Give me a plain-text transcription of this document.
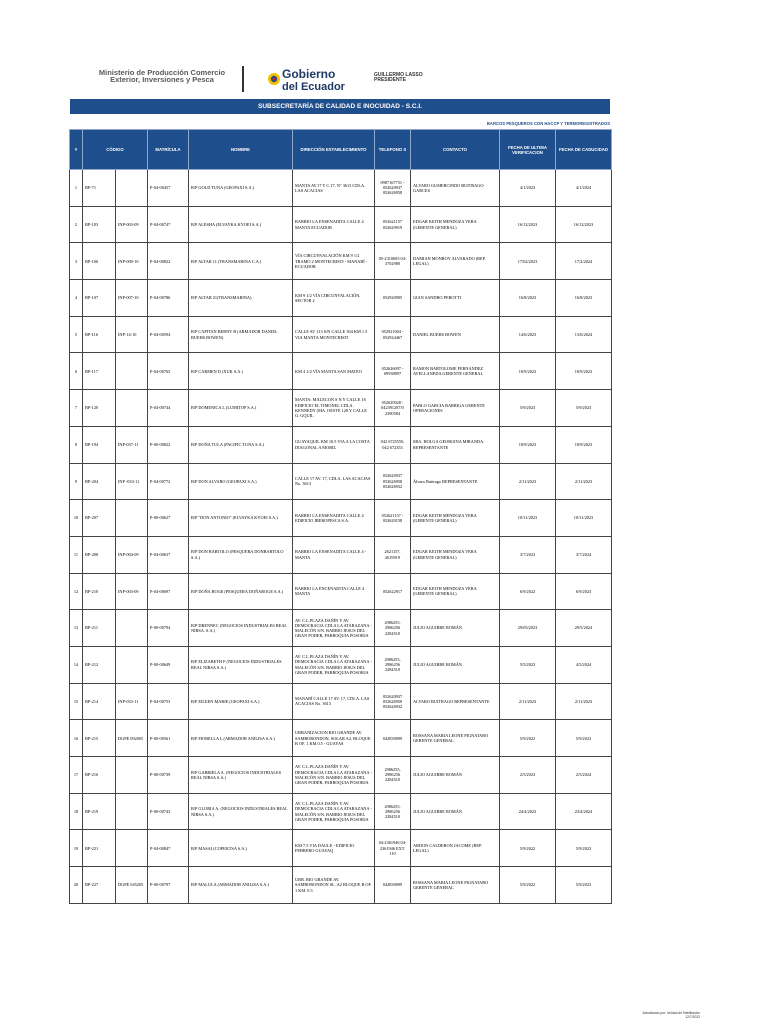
Ministerio de Producción Comercio Exterior, Inversiones y Pesca	Gobierno
del Ecuador
GUILLERMO LASSO PRESIDENTE
SUBSECRETARÍA DE CALIDAD E INOCUIDAD - S.C.I.
BARCOS PESQUEROS CON HACCP Y TERMOREGISTRADOS
#	CÓDIGO		MATRÍCULA	NOMBRE	DIRECCIÓN ESTABLECIMIENTO	TELEFONO S	CONTACTO	FECHA DE ULTIMA VERIFICACION	FECHA DE CADUCIDAD
1	BP-71		P-04-00457	B/P GOLD TUNA (GEOPAXI S.A.)	MANTA AV.17 Y C.17, N° 3613 CDLA. LAS ACACIAS	0987167751 - 052620937 052626958	ALVARO GUMERCINDO BUITRAGO GARCES	4/1/2023	4/1/2024
2	BP-103	INP-003-09	P-04-00747	B/P ALESHA (ELVAYKA KYOEI S.A.)	BARRIO LA ENSENADITA CALLE 4 MANTA ECUADOR	052621157 052629919	EDGAR KEITH MENDOZA VERA (GERENTE GENERAL)	16/12/2023	16/12/2023
3	BP-106	INP-009-10	P-04-00822	B/P ALTAR 11 (TRANSMARINA C.A.)	VÍA CIRCUNVALACIÓN KM 9 1/2 TRAMO 2 MONTECRISTI - MANABÍ - ECUADOR	05-2310605 04-3702980	DAMIAN MONROY ALVARADO (REP. LEGAL)	17/02/2023	17/2/2024
4	BP-107	INP-007-10	P-04-00786	B/P ALTAR 21(TRANSMARINA)	KM 9 1/2 VÍA CIRCUNVALACIÓN, SECTOR 2	052920905	GIAN SANDRO PEROTTI	16/8/2023	16/8/2023
5	BP-116	INP-14-10	P-04-00594	B/P CAPITAN BERNY B (ARMADOR DANIEL BUEHS BOWEN)	CALLE AV 113 S/N CALLE 304 KM 1.5 VIA MANTA MONTECRISTI	052921004 - 052924467	DANIEL BUEHS BOWEN	14/6/2023	13/6/2024
6	BP-117		P-04-00765	B/P CARMEN D (XUK S.A.)	KM 4 1/2 VÍA MANTA SAN MATEO	052626097 - 09938897	RAMON BARTOLOME FERNANDEZ AVELLANEDA GERENTE GENERAL	18/9/2023	18/9/2023
7	BP-120		P-04-00744	B/P DOMENICA L (LUMITOP S.A.)	MANTA: MALECON S N Y CALLE 16 EDIFICIO EL TIMONEL CDLA. KENNEDY (MA. OESTE 128 Y CALLE G. GQUIL	052620928 - 042391287/0 2390584	PABLO GARCIA BARRIGA GERENTE OPERACIONES	5/9/2023	5/9/2023
8	BP-194	INP-037-11	P-00-00822	B/P DOÑA TULA (PACIFIC TUNA S.A.)	GUAYAQUIL KM 16.5 VIA A LA COSTA DIAGONAL A MOBIL	042 6725550, 042 672353	SRA. HOLGA GEORGINA MIRANDA. REPRESENTANTE	18/9/2023	18/9/2023
9	BP-204	INP -033-11	P-04-00772	B/P DON ALVARO (GEOPAXI S.A.)	CALLE 17 AV. 17, CDLA. LAS ACACIAS No. 3613	052620937 052626958 052626932	Álvaro Buitrago REPRESENTANTE	2/11/2023	2/11/2023
10	BP-207		P-00-00627	B/P "DON ANTONIO" (ELVAYKA KYOEI S.A.)	BARRIO LA ENSENADITA CALLE 4 EDIFICIO IBEROPESCA S.A.	052621157 - 052629158	EDGAR KEITH MENDOZA VERA (GERENTE GENERAL)	10/11/2023	10/11/2023
11	BP-208	INP-004-09	P-04-00637	B/P DON BARTOLO (PESQUERA DONBARTOLO S.A.)	BARRIO LA ENSENADITA CALLE 4 - MANTA	2621157, 2619919	EDGAR KEITH MENDOZA VERA (GERENTE GENERAL)	3/7/2023	3/7/2024
12	BP-210	INP-003-09	P-04-00697	B/P DOÑA ROGE (PESQUERA DOÑAROGE S.A.)	BARRIO LA ENCENADITA CALLE 4 MANTA	052622917	EDGAR KEITH MENDOZA VERA (GERENTE GENERAL)	6/9/2022	6/9/2023
13	BP-211		P-00-00794	B/P DRENNEC (NEGOCIOS INDUSTRIALES REAL NIRSA. S.A.)	AV. C.L.PLAZA DAÑÍN Y AV. DEMOCRACIA CDLA LA ATARAZANA - MALECÓN S/N. BARRIO JESUS DEL GRAN PODER, PARROQUIA POSORJA	2986255, 2986256 2284510	JULIO AGUIRRE ROMÁN	29/05/2023	29/5/2024
14	BP-212		P-00-00649	B/P ELIZABETH F (NEGOCIOS INDUSTRIALES REAL NIRSA S.A.)	AV. C.L.PLAZA DAÑÍN Y AV. DEMOCRACIA CDLA LA ATARAZANA - MALECÓN S/N. BARRIO JESUS DEL GRAN PODER, PARROQUIA POSORJA	2986255, 2986256 2284510	JULIO AGUIRRE ROMÁN	5/5/2023	4/5/2024
15	BP-214	INP-033-11	P-04-00753	B/P EILEEN MARIE (GEOPAXI S.A.)	MANABÍ CALLE 17 AV. 17, CDLA. LAS ACACIAS No. 3613	052620937 052626958 052626932	ALVARO BUITRAGO REPRESENTANTE	2/11/2023	2/11/2023
16	BP-215	DGPE 092005	P-00-00561	B/P FIORELLA L (ARMADOR ANILISA S.A.)	URBANIZACION RIO GRANDE AV. SAMBORONDON, SOLAR A2, BLOQUE B OF. 1 KM 0.5 - GUAYAS	042838099	ROSSANA MARIA LEONE PIGNATARO GERENTE GENERAL	5/9/2022	5/9/2023
17	BP-216		P-00-00739	B/P GABRIELA A. (NEGOCIOS INDUSTRIALES REAL NIRSA S.A.)	AV. C.L.PLAZA DAÑÍN Y AV. DEMOCRACIA CDLA LA ATARAZANA - MALECÓN S/N. BARRIO JESUS DEL GRAN PODER, PARROQUIA POSORJA	2986255, 2986256 2284510	JULIO AGUIRRE ROMÁN	2/5/2023	2/5/2024
18	BP-219		P-00-00743	B/P GLORIA A. (NEGOCIOS INDUSTRIALES REAL NIRSA S.A.)	AV. C.L.PLAZA DAÑÍN Y AV. DEMOCRACIA CDLA LA ATARAZANA - MALECÓN S/N. BARRIO JESUS DEL GRAN PODER, PARROQUIA POSORJA	2986255, 2986256 2284510	JULIO AGUIRRE ROMÁN	24/4/2023	23/4/2024
19	BP-221		P-04-00847	B/P MASAI (COPEKTSA S.A.)	KM 7.5 VIA DAULE - EDIFICIO FEBRERO GUAYAQ	04-2361946 04-2361946 EXT. 110	ARDON CALDERON JACOME (REP. LEGAL)	5/9/2022	5/9/2023
20	BP-227	DGPE 045205	P-00-00797	B/P MALULA (ARMADOR ANILISA S.A.)	URB. RIO GRANDE AV. SAMBORONDON SL. A2 BLOQUE B OF. 1 KM. 0.5	042838099	ROSSANA MARIA LEONE PIGNATARO GERENTE GENERAL	5/9/2022	5/9/2023
Actualizado por: Unidad de Habilitación
12/7/2023
